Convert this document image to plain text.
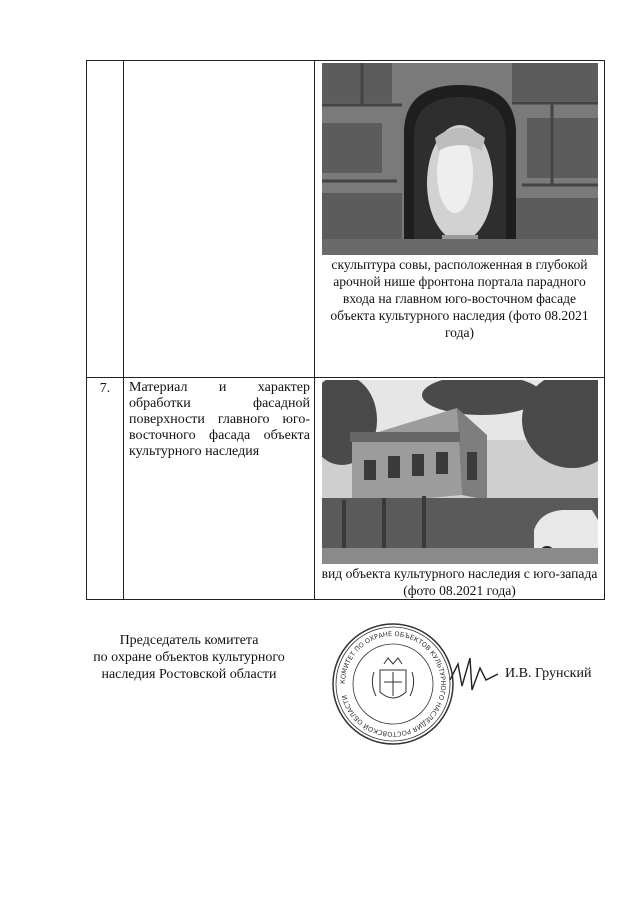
		скульптура совы, расположенная в глубокой арочной нише фронтона портала парадного входа на главном юго-восточном фасаде объекта культурного наследия (фото 08.2021 года)

7.	Материал и характер обработки фасадной поверхности главного юго-восточного фасада объекта культурного наследия	вид объекта культурного наследия с юго-запада (фото 08.2021 года)
Председатель комитета
по охране объектов культурного
наследия Ростовской области	КОМИТЕТ ПО ОХРАНЕ ОБЪЕКТОВ КУЛЬТУРНОГО НАСЛЕДИЯ РОСТОВСКОЙ ОБЛАСТИ
И.В. Грунский
